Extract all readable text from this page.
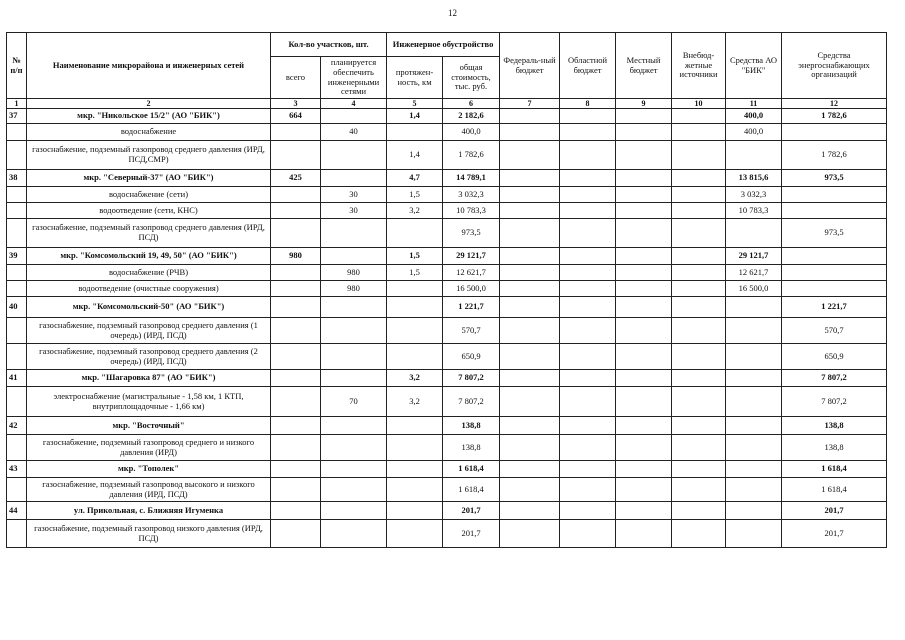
12
№ п/п	Наименование микрорайона и инженерных сетей	Кол-во участков, шт.		Инженерное обустройство		Федераль-ный бюджет	Областной бюджет	Местный бюджет	Внебюд-жетные источники	Средства АО "БИК"	Средства энергоснабжающих организаций
		всего	планируется обеспечить инженерными сетями	протяжен-ность, км	общая стоимость, тыс. руб.						
1	2	3	4	5	6	7	8	9	10	11	12
37	мкр. "Никольское 15/2" (АО "БИК")	664		1,4	2 182,6					400,0	1 782,6
	водоснабжение		40		400,0					400,0	
	газоснабжение, подземный газопровод среднего давления (ИРД, ПСД,СМР)			1,4	1 782,6						1 782,6
38	мкр. "Северный-37" (АО "БИК")	425		4,7	14 789,1					13 815,6	973,5
	водоснабжение (сети)		30	1,5	3 032,3					3 032,3	
	водоотведение (сети, КНС)		30	3,2	10 783,3					10 783,3	
	газоснабжение, подземный газопровод среднего давления (ИРД, ПСД)				973,5						973,5
39	мкр. "Комсомольский 19, 49, 50" (АО "БИК")	980		1,5	29 121,7					29 121,7	
	водоснабжение (РЧВ)		980	1,5	12 621,7					12 621,7	
	водоотведение (очистные сооружения)		980		16 500,0					16 500,0	
40	мкр. "Комсомольский-50" (АО "БИК")				1 221,7						1 221,7
	газоснабжение, подземный газопровод среднего давления (1 очередь) (ИРД, ПСД)				570,7						570,7
	газоснабжение, подземный газопровод среднего давления (2 очередь) (ИРД, ПСД)				650,9						650,9
41	мкр. "Шагаровка 87" (АО "БИК")			3,2	7 807,2						7 807,2
	электроснабжение (магистральные - 1,58 км, 1 КТП, внутриплощадочные - 1,66 км)		70	3,2	7 807,2						7 807,2
42	мкр. "Восточный"				138,8						138,8
	газоснабжение, подземный газопровод среднего и низкого давления (ИРД)				138,8						138,8
43	мкр. "Тополек"				1 618,4						1 618,4
	газоснабжение, подземный газопровод высокого и низкого давления (ИРД, ПСД)				1 618,4						1 618,4
44	ул. Прикольная, с. Ближняя Игуменка				201,7						201,7
	газоснабжение, подземный газопровод низкого давления (ИРД, ПСД)				201,7						201,7
